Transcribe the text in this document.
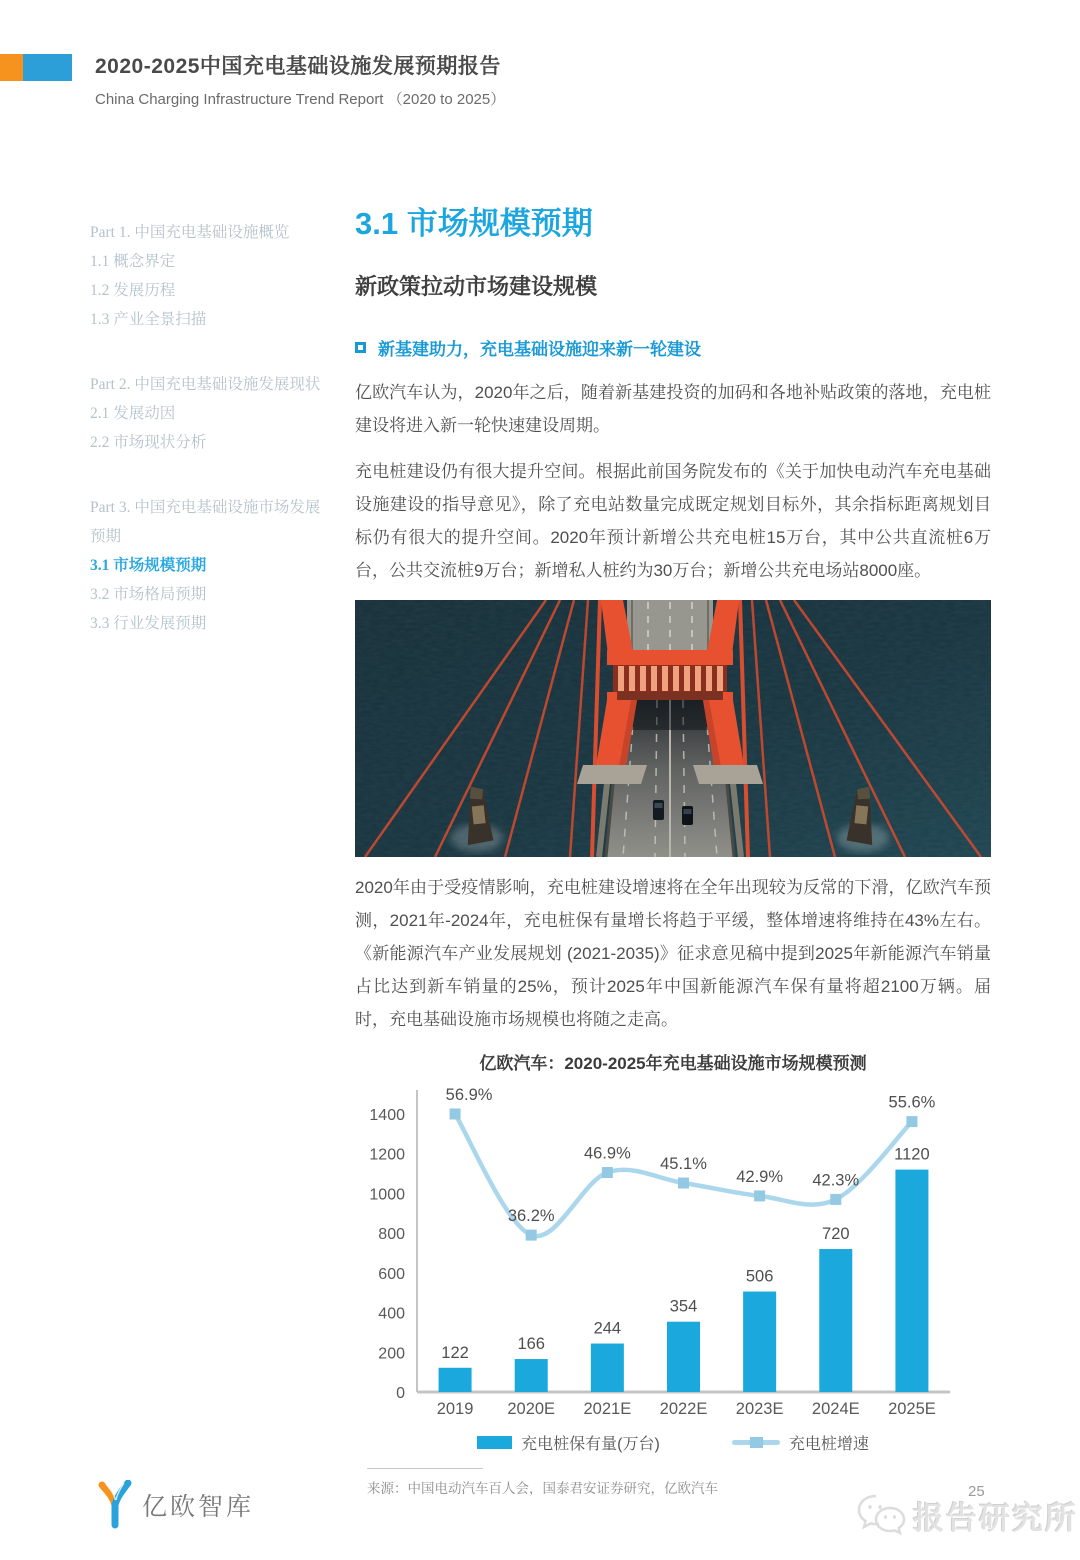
2020-2025中国充电基础设施发展预期报告
China Charging Infrastructure Trend Report （2020 to 2025）
Part 1. 中国充电基础设施概览
1.1 概念界定
1.2 发展历程
1.3 产业全景扫描
Part 2. 中国充电基础设施发展现状
2.1 发展动因
2.2 市场现状分析
Part 3. 中国充电基础设施市场发展预期
3.1 市场规模预期
3.2 市场格局预期
3.3 行业发展预期
3.1 市场规模预期
新政策拉动市场建设规模
新基建助力，充电基础设施迎来新一轮建设

亿欧汽车认为，2020年之后，随着新基建投资的加码和各地补贴政策的落地，充电桩建设将进入新一轮快速建设周期。

充电桩建设仍有很大提升空间。根据此前国务院发布的《关于加快电动汽车充电基础设施建设的指导意见》，除了充电站数量完成既定规划目标外，其余指标距离规划目标仍有很大的提升空间。2020年预计新增公共充电桩15万台，其中公共直流桩6万台，公共交流桩9万台；新增私人桩约为30万台；新增公共充电场站8000座。

2020年由于受疫情影响，充电桩建设增速将在全年出现较为反常的下滑，亿欧汽车预测，2021年-2024年，充电桩保有量增长将趋于平缓，整体增速将维持在43%左右。《新能源汽车产业发展规划 (2021-2035)》征求意见稿中提到2025年新能源汽车销量占比达到新车销量的25%，预计2025年中国新能源汽车保有量将超2100万辆。届时，充电基础设施市场规模也将随之走高。

亿欧汽车：2020-2025年充电基础设施市场规模预测
0
200
400
600
800
1000
1200
1400
122
2019
166
2020E
244
2021E
354
2022E
506
2023E
720
2024E
1120
2025E
56.9%
36.2%
46.9%
45.1%
42.9% 42.3%
55.6%
充电桩保有量(万台)	充电桩增速
来源：中国电动汽车百人会，国泰君安证券研究，亿欧汽车
亿欧智库
25
报告研究所
